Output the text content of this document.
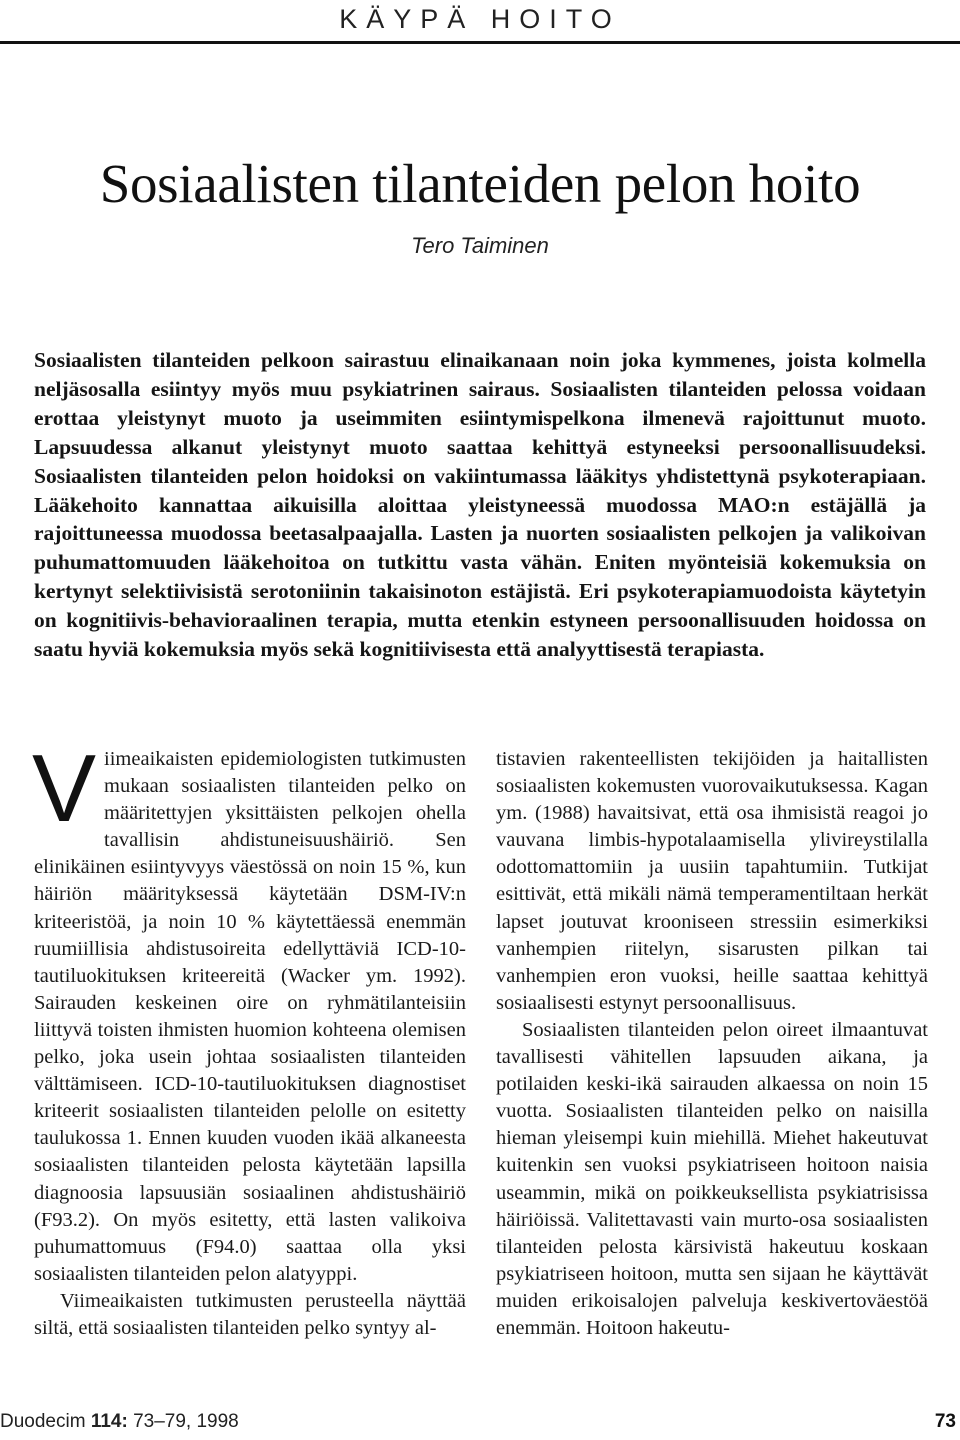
KÄYPÄ HOITO
Sosiaalisten tilanteiden pelon hoito
Tero Taiminen

Sosiaalisten tilanteiden pelkoon sairastuu elinaikanaan noin joka kymmenes, joista kolmella neljäsosalla esiintyy myös muu psykiatrinen sairaus. Sosiaalisten tilanteiden pelossa voidaan erottaa yleistynyt muoto ja useimmiten esiintymispelkona ilmenevä rajoittunut muoto. Lapsuudessa alkanut yleistynyt muoto saattaa kehittyä estyneeksi persoonallisuudeksi. Sosiaalisten tilanteiden pelon hoidoksi on vakiintumassa lääkitys yhdistettynä psykoterapiaan. Lääkehoito kannattaa aikuisilla aloittaa yleistyneessä muodossa MAO:n estäjällä ja rajoittuneessa muodossa beetasalpaajalla. Lasten ja nuorten sosiaalisten pelkojen ja valikoivan puhumattomuuden lääkehoitoa on tutkittu vasta vähän. Eniten myönteisiä kokemuksia on kertynyt selektiivisistä serotoniinin takaisinoton estäjistä. Eri psykoterapiamuodoista käytetyin on kognitiivis-behavioraalinen terapia, mutta etenkin estyneen persoonallisuuden hoidossa on saatu hyviä kokemuksia myös sekä kognitiivisesta että analyyttisestä terapiasta.

Viimeaikaisten epidemiologisten tutkimusten mukaan sosiaalisten tilanteiden pelko on määritettyjen yksittäisten pelkojen ohella tavallisin ahdistuneisuushäiriö. Sen elinikäinen esiintyvyys väestössä on noin 15 %, kun häiriön määrityksessä käytetään DSM-IV:n kriteeristöä, ja noin 10 % käytettäessä enemmän ruumiillisia ahdistusoireita edellyttäviä ICD-10-tautiluokituksen kriteereitä (Wacker ym. 1992). Sairauden keskeinen oire on ryhmätilanteisiin liittyvä toisten ihmisten huomion kohteena olemisen pelko, joka usein johtaa sosiaalisten tilanteiden välttämiseen. ICD-10-tautiluokituksen diagnostiset kriteerit sosiaalisten tilanteiden pelolle on esitetty taulukossa 1. Ennen kuuden vuoden ikää alkaneesta sosiaalisten tilanteiden pelosta käytetään lapsilla diagnoosia lapsuusiän sosiaalinen ahdistushäiriö (F93.2). On myös esitetty, että lasten valikoiva puhumattomuus (F94.0) saattaa olla yksi sosiaalisten tilanteiden pelon alatyyppi.

Viimeaikaisten tutkimusten perusteella näyttää siltä, että sosiaalisten tilanteiden pelko syntyy al-

tistavien rakenteellisten tekijöiden ja haitallisten sosiaalisten kokemusten vuorovaikutuksessa. Kagan ym. (1988) havaitsivat, että osa ihmisistä reagoi jo vauvana limbis-hypotalaamisella ylivireystilalla odottomattomiin ja uusiin tapahtumiin. Tutkijat esittivät, että mikäli nämä temperamentiltaan herkät lapset joutuvat krooniseen stressiin esimerkiksi vanhempien riitelyn, sisarusten pilkan tai vanhempien eron vuoksi, heille saattaa kehittyä sosiaalisesti estynyt persoonallisuus.

Sosiaalisten tilanteiden pelon oireet ilmaantuvat tavallisesti vähitellen lapsuuden aikana, ja potilaiden keski-ikä sairauden alkaessa on noin 15 vuotta. Sosiaalisten tilanteiden pelko on naisilla hieman yleisempi kuin miehillä. Miehet hakeutuvat kuitenkin sen vuoksi psykiatriseen hoitoon naisia useammin, mikä on poikkeuksellista psykiatrisissa häiriöissä. Valitettavasti vain murto-osa sosiaalisten tilanteiden pelosta kärsivistä hakeutuu koskaan psykiatriseen hoitoon, mutta sen sijaan he käyttävät muiden erikoisalojen palveluja keskivertoväestöä enemmän. Hoitoon hakeutu-

Duodecim 114: 73–79, 1998	73
